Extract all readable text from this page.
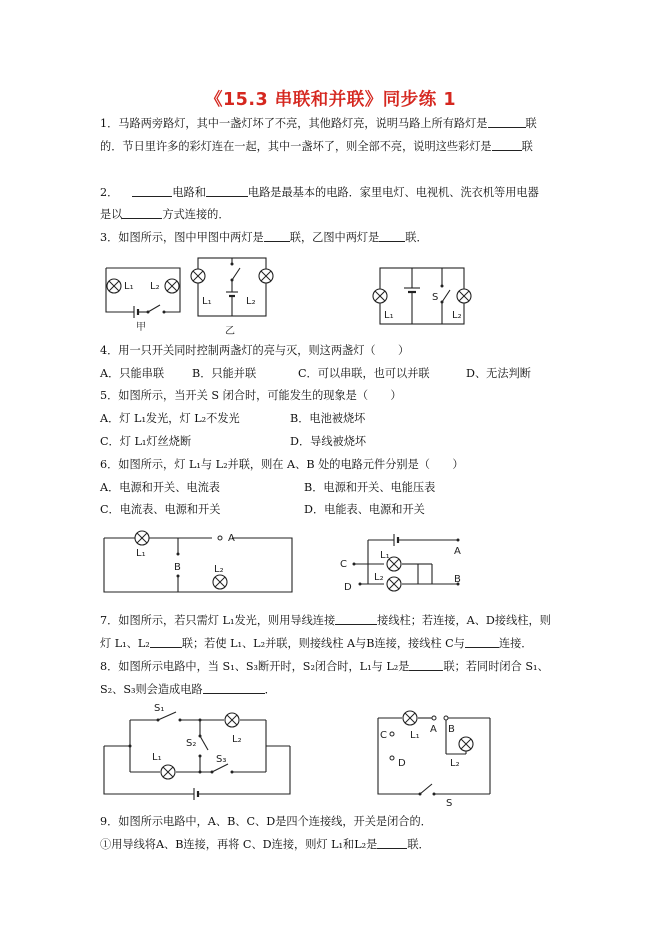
《15.3 串联和并联》同步练 1
1．马路两旁路灯，其中一盏灯坏了不亮，其他路灯亮，说明马路上所有路灯是	联
的．节日里许多的彩灯连在一起，其中一盏坏了，则全部不亮，说明这些彩灯是	联
2．	电路和	电路是最基本的电路．家里电灯、电视机、洗衣机等用电器
是以	方式连接的．
3．如图所示，图中甲图中两灯是 联，乙图中两灯是 联．
L₁ L₂
甲
L₁	L₂
乙
L₁
S
L₂
4．用一只开关同时控制两盏灯的亮与灭，则这两盏灯（　　）
A．只能串联 B．只能并联	C．可以串联，也可以并联	D、无法判断
5．如图所示，当开关 S 闭合时，可能发生的现象是（　　）
A．灯 L₁发光，灯 L₂不发光	B．电池被烧坏
C．灯 L₁灯丝烧断	D．导线被烧坏
6．如图所示，灯 L₁与 L₂并联，则在 A、B 处的电路元件分别是（　　）
A．电源和开关、电流表	B．电源和开关、电能压表
C．电流表、电源和开关	D．电能表、电源和开关
L₁
B
A
L₂
L₁
L₂
C
D
A
B
7．如图所示，若只需灯 L₁发光，则用导线连接	接线柱；若连接，A、D接线柱，则
灯 L₁、L₂	联；若使 L₁、L₂并联，则接线柱 A与B连接，接线柱 C与	连接．
8．如图所示电路中，当 S₁、S₃断开时，S₂闭合时，L₁与 L₂是	联；若同时闭合 S₁、
S₂、S₃则会造成电路	．
S₁
S₂	L₂
L₁	S₃
C
D
L₁
A B
L₂
S
9．如图所示电路中，A、B、C、D是四个连接线，开关是闭合的．
①用导线将A、B连接，再将 C、D连接，则灯 L₁和L₂是	联．
